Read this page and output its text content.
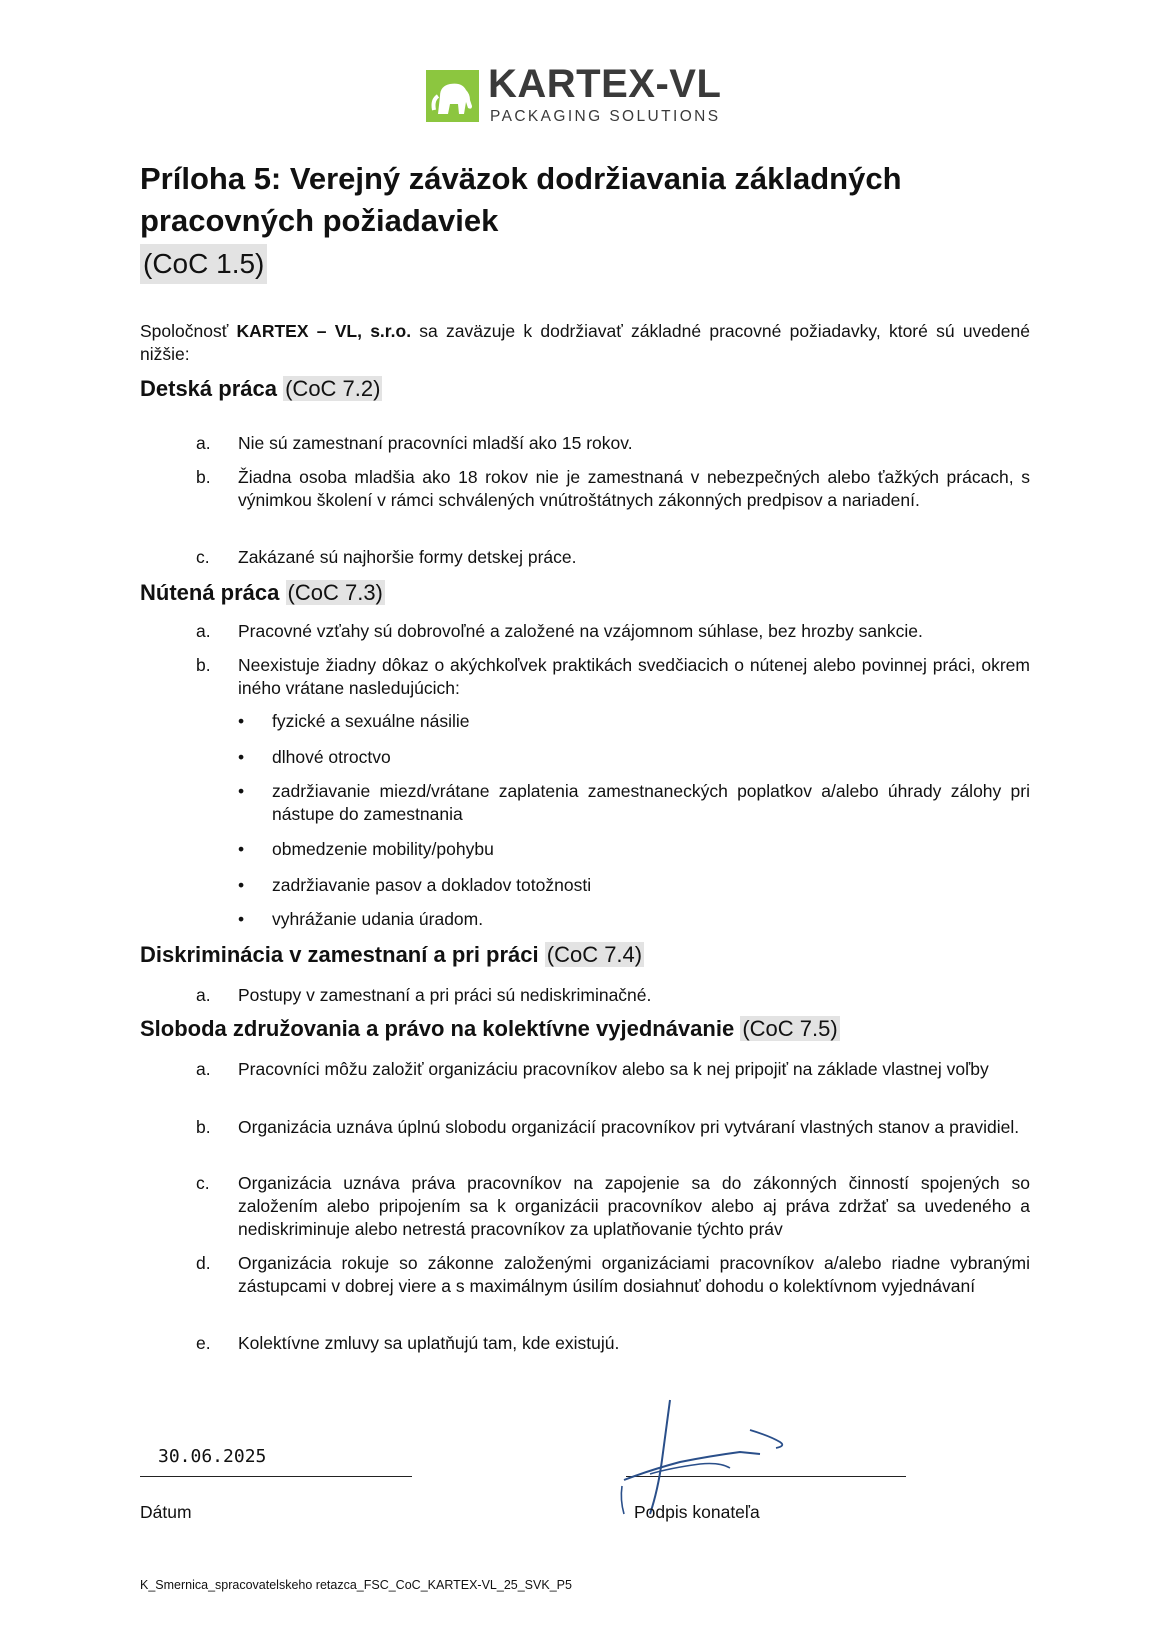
KARTEX-VL
PACKAGING SOLUTIONS
Príloha 5: Verejný záväzok dodržiavania základných pracovných požiadaviek
(CoC 1.5)
Spoločnosť KARTEX – VL, s.r.o. sa zaväzuje k dodržiavať základné pracovné požiadavky, ktoré sú uvedené nižšie:
Detská práca (CoC 7.2)
a. Nie sú zamestnaní pracovníci mladší ako 15 rokov.
b. Žiadna osoba mladšia ako 18 rokov nie je zamestnaná v nebezpečných alebo ťažkých prácach, s výnimkou školení v rámci schválených vnútroštátnych zákonných predpisov a nariadení.
c. Zakázané sú najhoršie formy detskej práce.
Nútená práca (CoC 7.3)
a. Pracovné vzťahy sú dobrovoľné a založené na vzájomnom súhlase, bez hrozby sankcie.
b. Neexistuje žiadny dôkaz o akýchkoľvek praktikách svedčiacich o nútenej alebo povinnej práci, okrem iného vrátane nasledujúcich:
• fyzické a sexuálne násilie
• dlhové otroctvo
• zadržiavanie miezd/vrátane zaplatenia zamestnaneckých poplatkov a/alebo úhrady zálohy pri nástupe do zamestnania
• obmedzenie mobility/pohybu
• zadržiavanie pasov a dokladov totožnosti
• vyhrážanie udania úradom.
Diskriminácia v zamestnaní a pri práci (CoC 7.4)
a. Postupy v zamestnaní a pri práci sú nediskriminačné.
Sloboda združovania a právo na kolektívne vyjednávanie (CoC 7.5)
a. Pracovníci môžu založiť organizáciu pracovníkov alebo sa k nej pripojiť na základe vlastnej voľby
b. Organizácia uznáva úplnú slobodu organizácií pracovníkov pri vytváraní vlastných stanov a pravidiel.
c. Organizácia uznáva práva pracovníkov na zapojenie sa do zákonných činností spojených so založením alebo pripojením sa k organizácii pracovníkov alebo aj práva zdržať sa uvedeného a nediskriminuje alebo netrestá pracovníkov za uplatňovanie týchto práv
d. Organizácia rokuje so zákonne založenými organizáciami pracovníkov a/alebo riadne vybranými zástupcami v dobrej viere a s maximálnym úsilím dosiahnuť dohodu o kolektívnom vyjednávaní
e. Kolektívne zmluvy sa uplatňujú tam, kde existujú.
30.06.2025
Dátum	Podpis konateľa
K_Smernica_spracovatelskeho retazca_FSC_CoC_KARTEX-VL_25_SVK_P5
